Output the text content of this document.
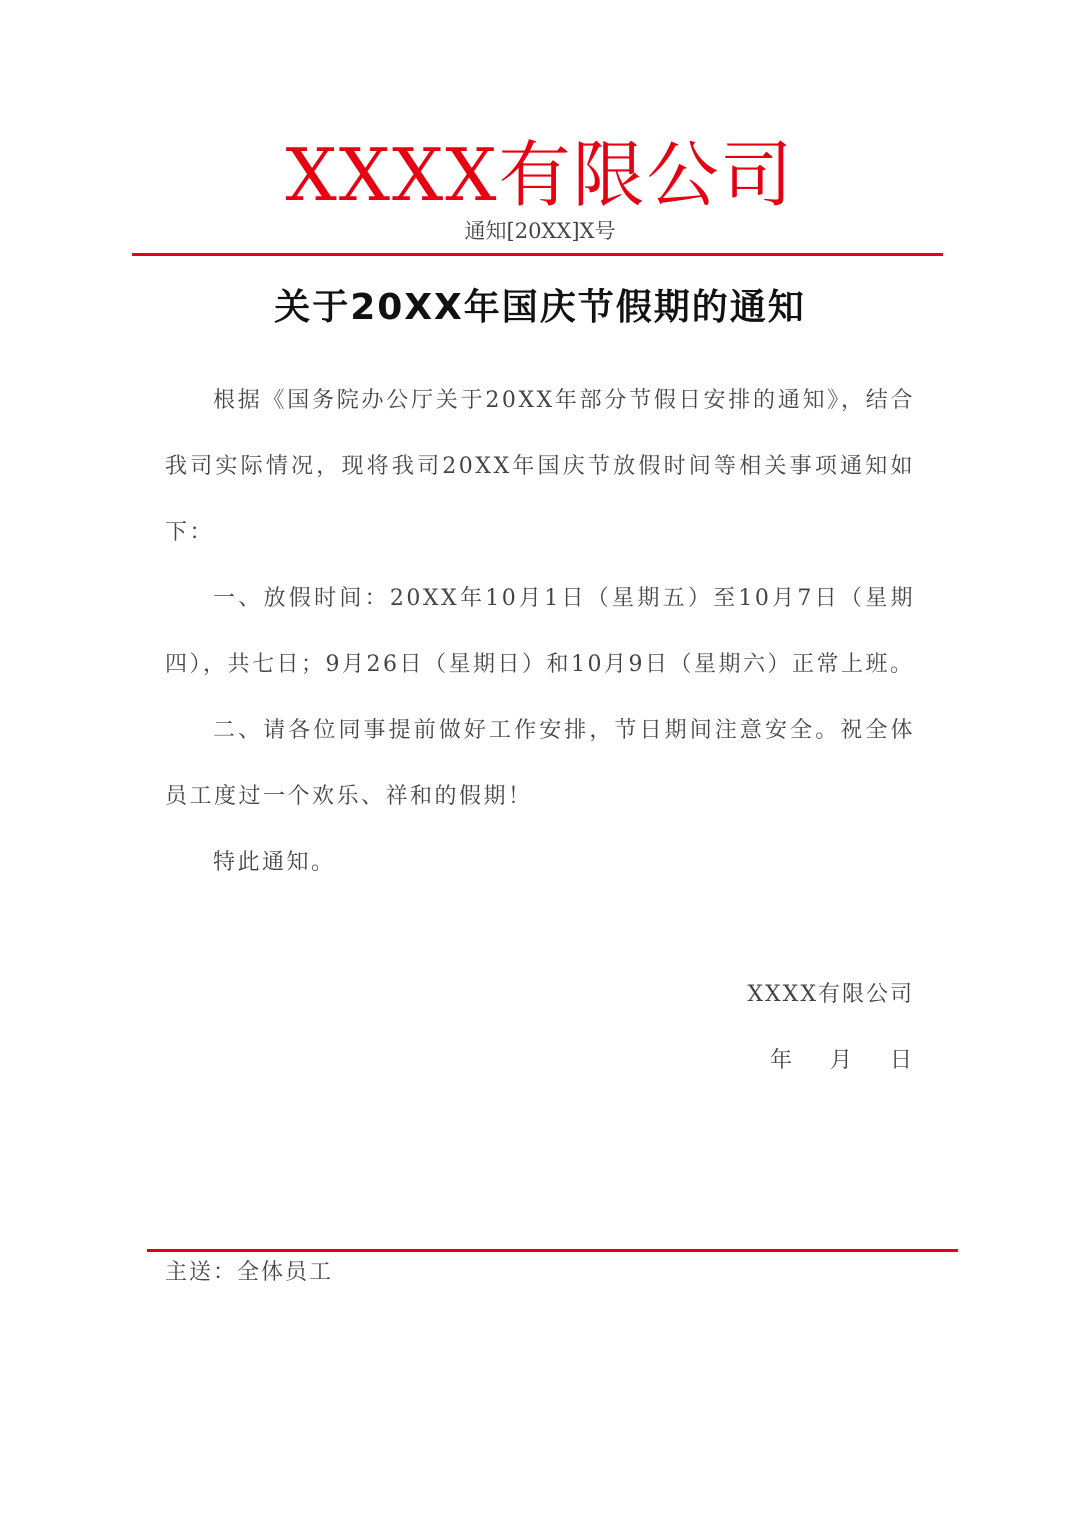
XXXX有限公司
通知[20XX]X号
关于20XX年国庆节假期的通知

根据《国务院办公厅关于20XX年部分节假日安排的通知》，结合我司实际情况，现将我司20XX年国庆节放假时间等相关事项通知如下：

一、放假时间：20XX年10月1日（星期五）至10月7日（星期四），共七日；9月26日（星期日）和10月9日（星期六）正常上班。

二、请各位同事提前做好工作安排，节日期间注意安全。祝全体员工度过一个欢乐、祥和的假期！

特此通知。

XXXX有限公司
年    月    日
主送：全体员工
